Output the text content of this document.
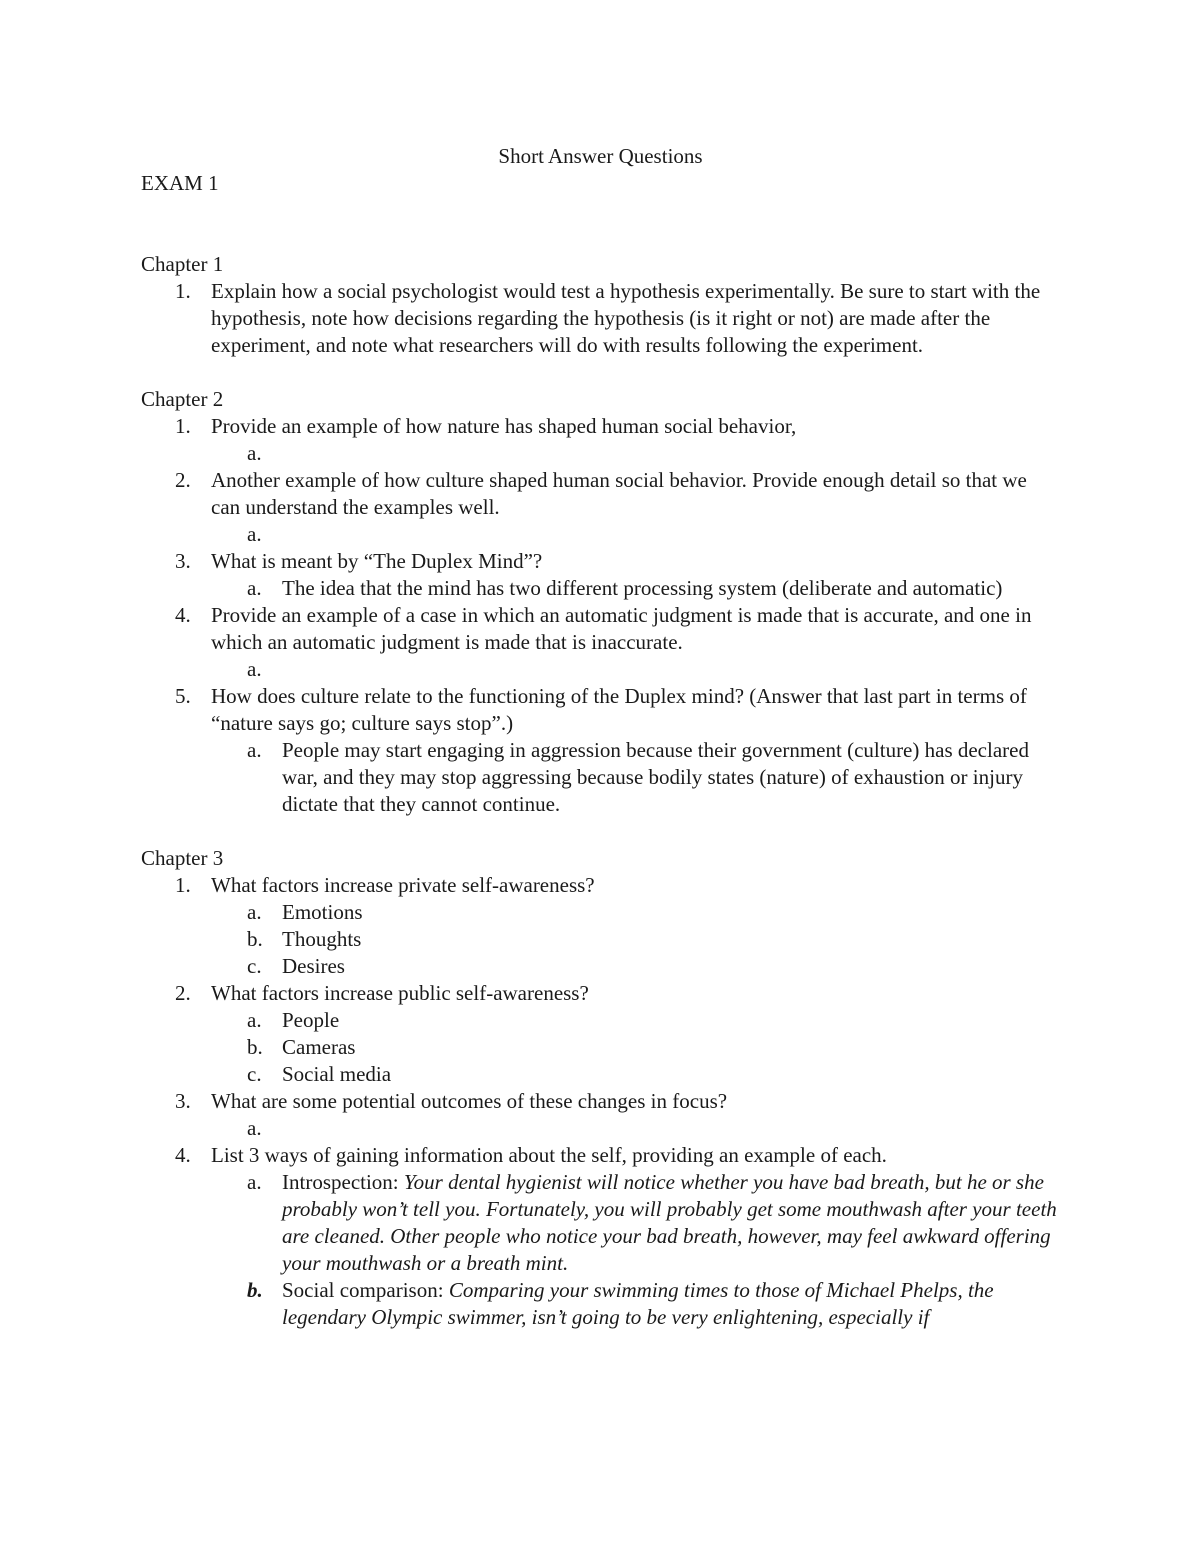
Short Answer Questions

EXAM 1

Chapter 1

1. Explain how a social psychologist would test a hypothesis experimentally. Be sure to start with the hypothesis, note how decisions regarding the hypothesis (is it right or not) are made after the experiment, and note what researchers will do with results following the experiment.

Chapter 2

1. Provide an example of how nature has shaped human social behavior,
a.
2. Another example of how culture shaped human social behavior. Provide enough detail so that we can understand the examples well.
a.
3. What is meant by “The Duplex Mind”?
a. The idea that the mind has two different processing system (deliberate and automatic)
4. Provide an example of a case in which an automatic judgment is made that is accurate, and one in which an automatic judgment is made that is inaccurate.
a.
5. How does culture relate to the functioning of the Duplex mind? (Answer that last part in terms of “nature says go; culture says stop”.)
a. People may start engaging in aggression because their government (culture) has declared war, and they may stop aggressing because bodily states (nature) of exhaustion or injury dictate that they cannot continue.

Chapter 3

1. What factors increase private self-awareness?
a. Emotions
b. Thoughts
c. Desires
2. What factors increase public self-awareness?
a. People
b. Cameras
c. Social media
3. What are some potential outcomes of these changes in focus?
a.
4. List 3 ways of gaining information about the self, providing an example of each.
a. Introspection: Your dental hygienist will notice whether you have bad breath, but he or she probably won’t tell you. Fortunately, you will probably get some mouthwash after your teeth are cleaned. Other people who notice your bad breath, however, may feel awkward offering your mouthwash or a breath mint.
b. Social comparison: Comparing your swimming times to those of Michael Phelps, the legendary Olympic swimmer, isn’t going to be very enlightening, especially if
